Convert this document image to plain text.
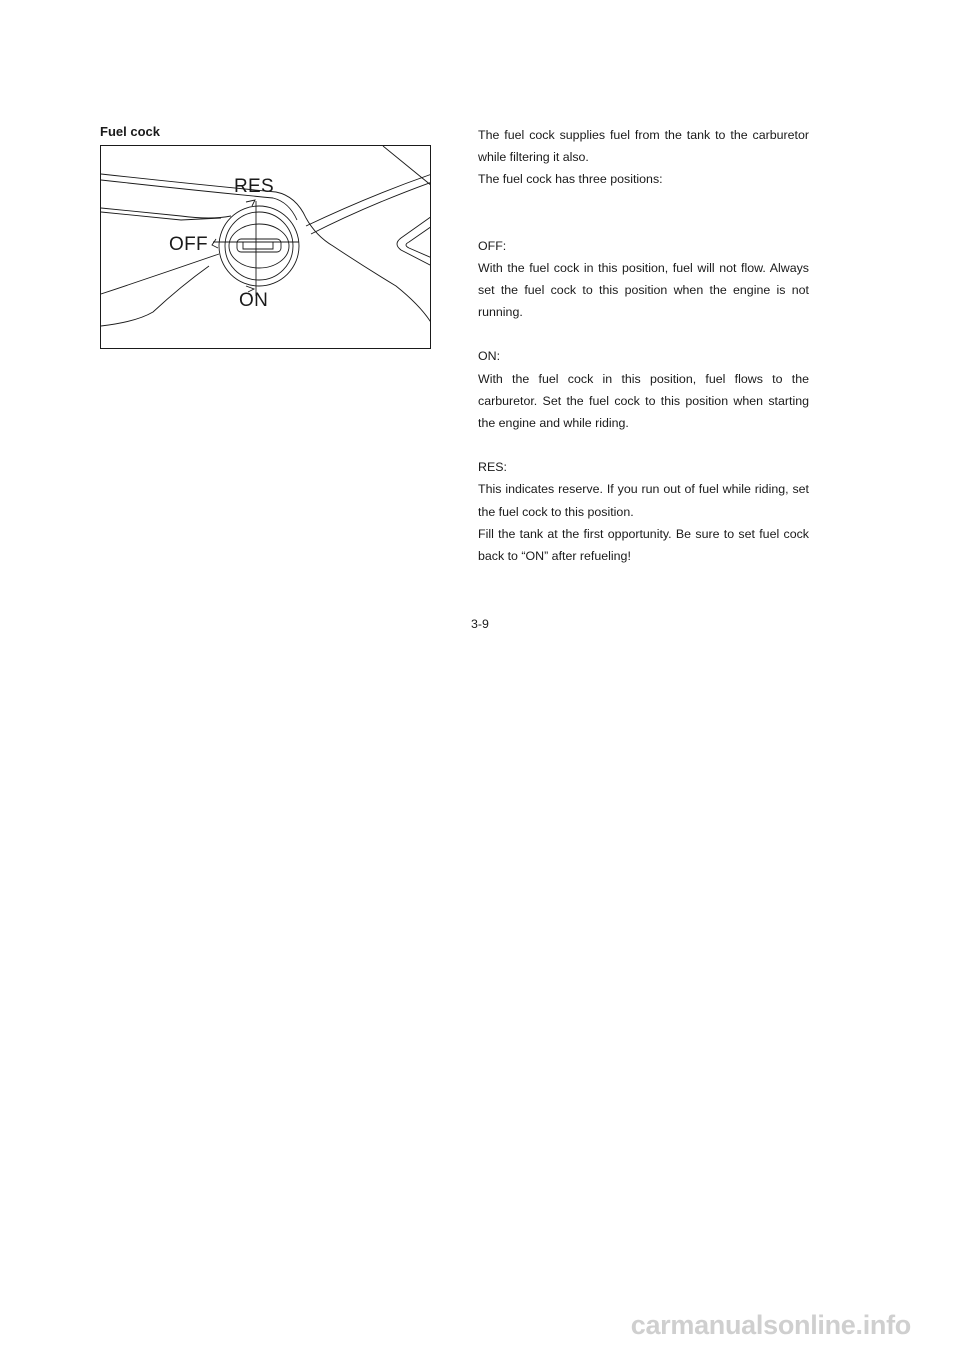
Fuel cock
RES
OFF
ON

The fuel cock supplies fuel from the tank to the carburetor while filtering it also.

The fuel cock has three positions:

OFF:

With the fuel cock in this position, fuel will not flow. Always set the fuel cock to this position when the engine is not running.

ON:

With the fuel cock in this position, fuel flows to the carburetor. Set the fuel cock to this position when starting the engine and while riding.

RES:

This indicates reserve. If you run out of fuel while riding, set the fuel cock to this position.

Fill the tank at the first opportunity. Be sure to set fuel cock back to “ON” after refueling!

3-9
carmanualsonline.info
